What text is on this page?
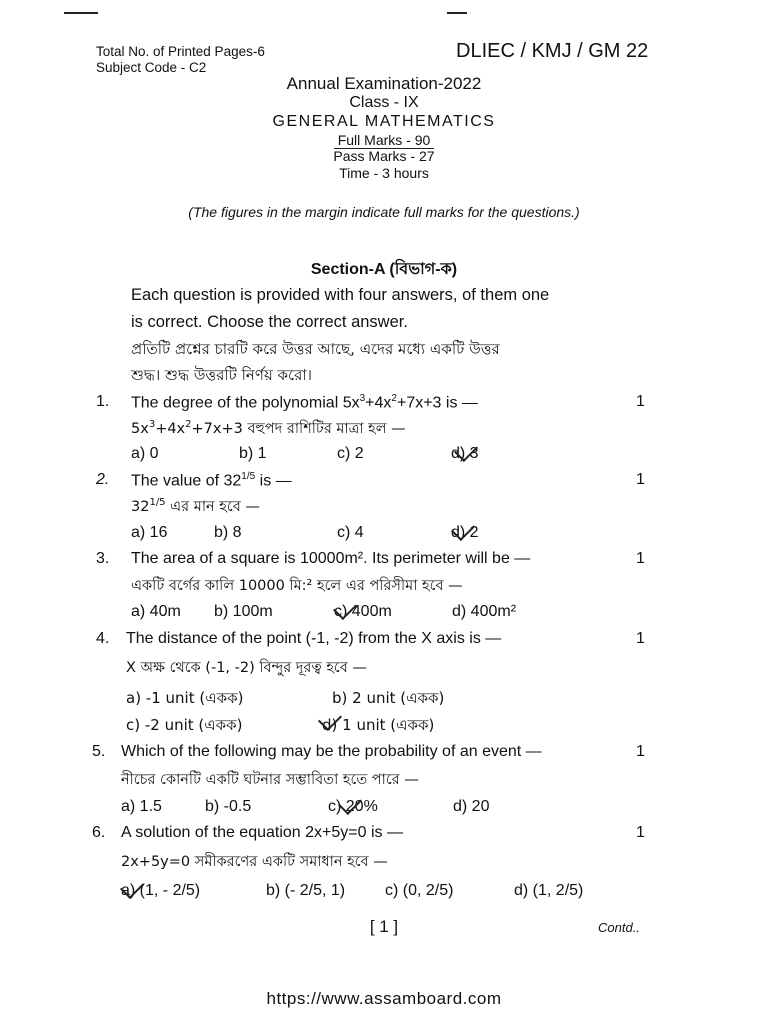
Total No. of Printed Pages-6
Subject Code - C2
DLIEC / KMJ / GM 22
Annual Examination-2022
Class - IX
GENERAL MATHEMATICS
Full Marks - 90
Pass Marks - 27
Time - 3 hours
(The figures in the margin indicate full marks for the questions.)
Section-A (বিভাগ-ক)
Each question is provided with four answers, of them one
is correct. Choose the correct answer.
প্রতিটি প্রশ্নের চারটি করে উত্তর আছে, এদের মধ্যে একটি উত্তর
শুদ্ধ। শুদ্ধ উত্তরটি নির্ণয় করো।
1. The degree of the polynomial $5x^3+4x^2+7x+3$ is —	1
$5x^3+4x^2+7x+3$ বহুপদ রাশিটির মাত্রা হল —
a) 0	b) 1	c) 2	d) 3
2. The value of $32^{1/5}$ is —	1
$32^{1/5}$ এর মান হবে —
a) 16	b) 8	c) 4	d) 2
3. The area of a square is 10000m². Its perimeter will be —	1
একটি বর্গের কালি 10000 মি:² হলে এর পরিসীমা হবে —
a) 40m b) 100m	c) 400m	d) 400m²
4. The distance of the point (-1, -2) from the X axis is —	1
X অক্ষ থেকে (-1, -2) বিন্দুর দূরত্ব হবে —
a) -1 unit (একক)	b) 2 unit (একক)
c) -2 unit (একক)	d) 1 unit (একক)
5. Which of the following may be the probability of an event —	1
নীচের কোনটি একটি ঘটনার সম্ভাবিতা হতে পারে —
a) 1.5	b) -0.5	c) 20%	d) 20
6. A solution of the equation 2x+5y=0 is —	1
2x+5y=0 সমীকরণের একটি সমাধান হবে —
a) (1, - 2/5)	b) (- 2/5, 1) c) (0, 2/5)	d) (1, 2/5)
[ 1 ]	Contd..
https://www.assamboard.com
